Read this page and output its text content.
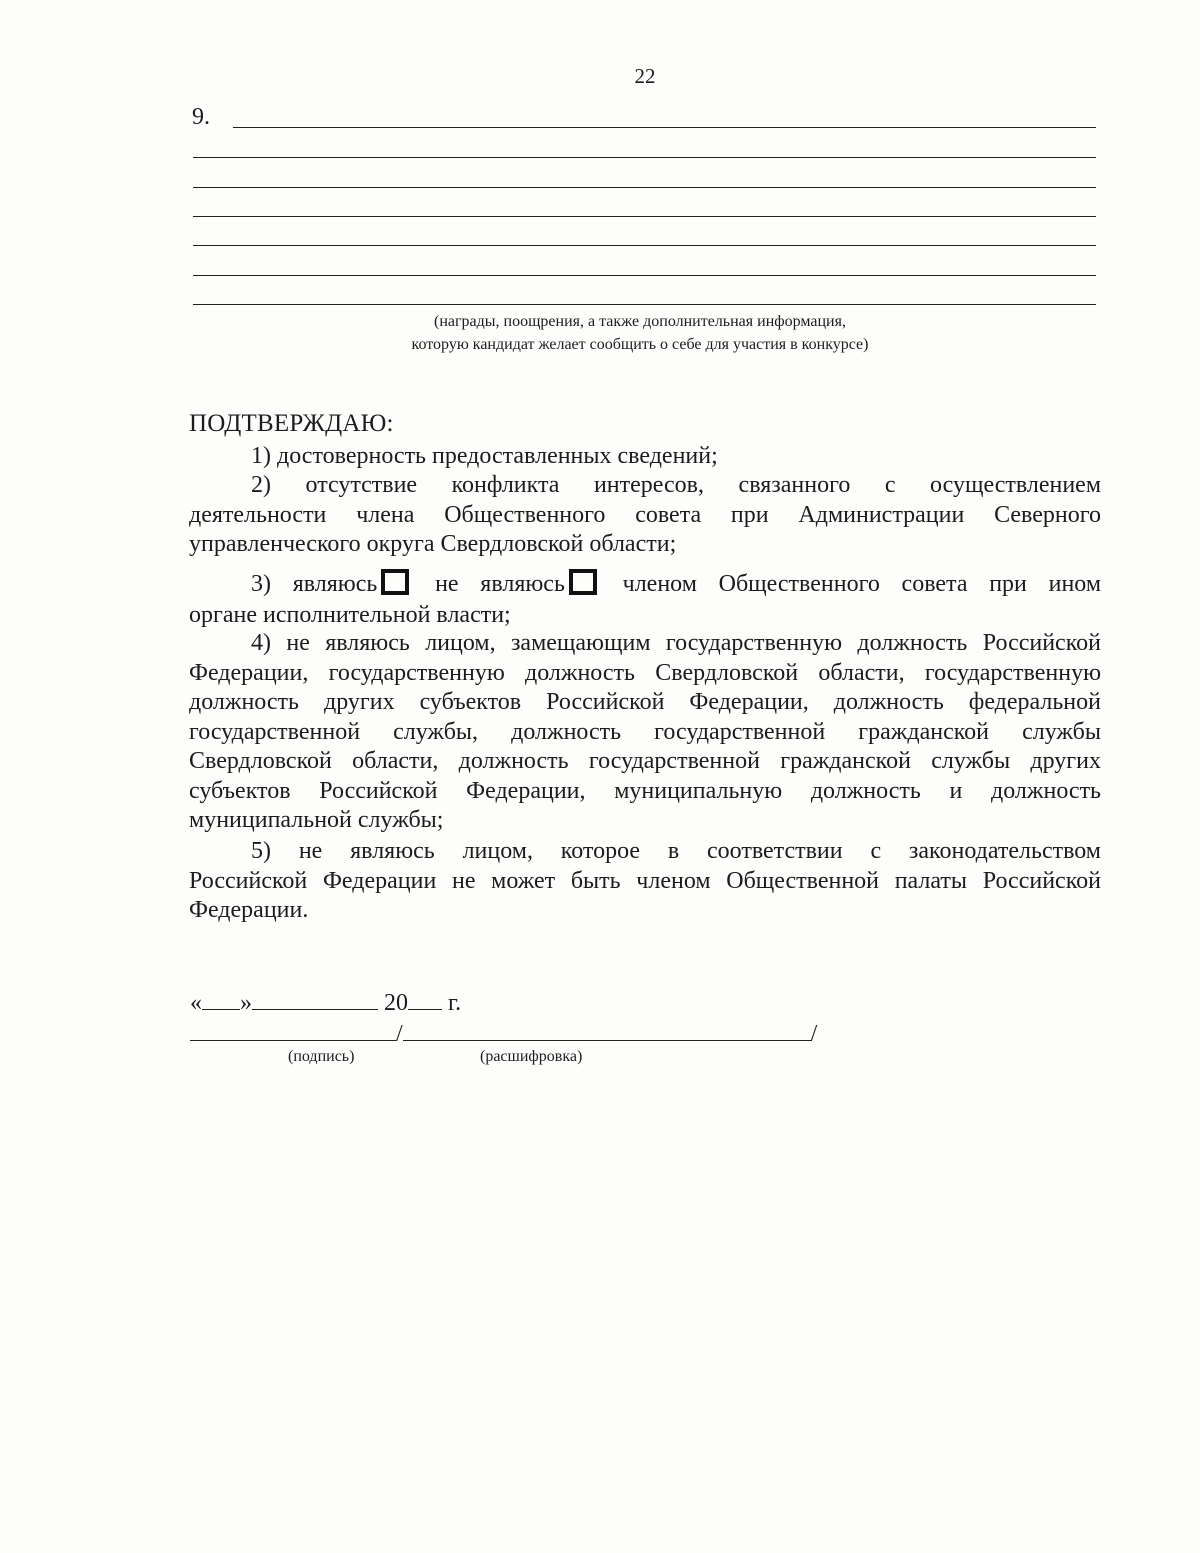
22
9.
(награды, поощрения, а также дополнительная информация,
которую кандидат желает сообщить о себе для участия в конкурсе)
ПОДТВЕРЖДАЮ:
1) достоверность предоставленных сведений;
2) отсутствие конфликта интересов, связанного с осуществлением
деятельности члена Общественного совета при Администрации Северного
управленческого округа Свердловской области;
3) являюсь не являюсь членом Общественного совета при ином
органе исполнительной власти;
4) не являюсь лицом, замещающим государственную должность Российской
Федерации, государственную должность Свердловской области, государственную
должность других субъектов Российской Федерации, должность федеральной
государственной службы, должность государственной гражданской службы
Свердловской области, должность государственной гражданской службы других
субъектов Российской Федерации, муниципальную должность и должность
муниципальной службы;
5) не являюсь лицом, которое в соответствии с законодательством
Российской Федерации не может быть членом Общественной палаты Российской
Федерации.
« »	20 г.
/	/
(подпись)	(расшифровка)
